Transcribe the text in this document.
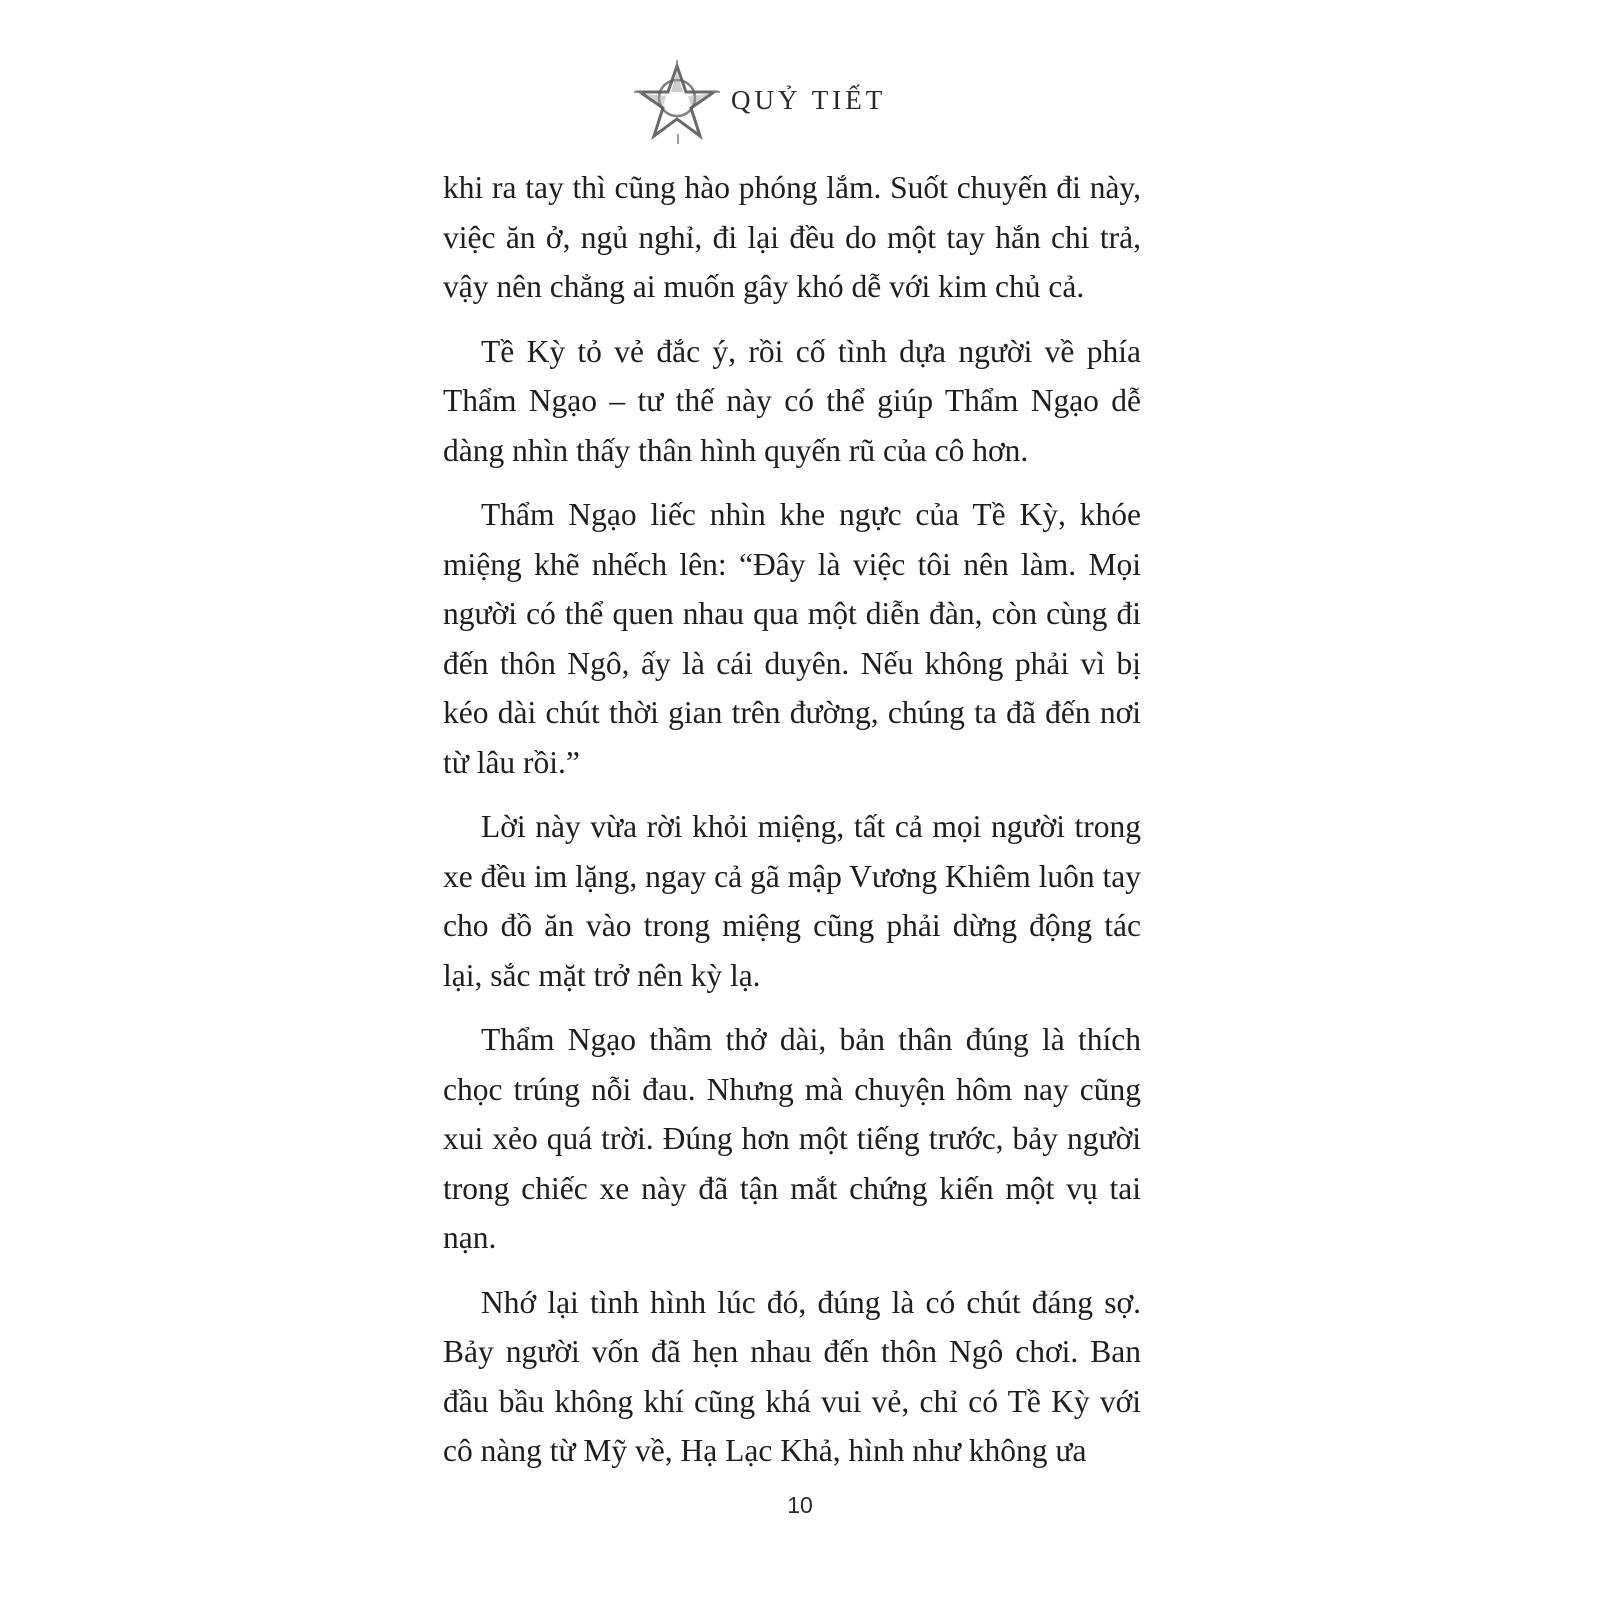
QUỶ TIẾT

khi ra tay thì cũng hào phóng lắm. Suốt chuyến đi này, việc ăn ở, ngủ nghỉ, đi lại đều do một tay hắn chi trả, vậy nên chẳng ai muốn gây khó dễ với kim chủ cả.

Tề Kỳ tỏ vẻ đắc ý, rồi cố tình dựa người về phía Thẩm Ngạo – tư thế này có thể giúp Thẩm Ngạo dễ dàng nhìn thấy thân hình quyến rũ của cô hơn.

Thẩm Ngạo liếc nhìn khe ngực của Tề Kỳ, khóe miệng khẽ nhếch lên: “Đây là việc tôi nên làm. Mọi người có thể quen nhau qua một diễn đàn, còn cùng đi đến thôn Ngô, ấy là cái duyên. Nếu không phải vì bị kéo dài chút thời gian trên đường, chúng ta đã đến nơi từ lâu rồi.”

Lời này vừa rời khỏi miệng, tất cả mọi người trong xe đều im lặng, ngay cả gã mập Vương Khiêm luôn tay cho đồ ăn vào trong miệng cũng phải dừng động tác lại, sắc mặt trở nên kỳ lạ.

Thẩm Ngạo thầm thở dài, bản thân đúng là thích chọc trúng nỗi đau. Nhưng mà chuyện hôm nay cũng xui xẻo quá trời. Đúng hơn một tiếng trước, bảy người trong chiếc xe này đã tận mắt chứng kiến một vụ tai nạn.

Nhớ lại tình hình lúc đó, đúng là có chút đáng sợ. Bảy người vốn đã hẹn nhau đến thôn Ngô chơi. Ban đầu bầu không khí cũng khá vui vẻ, chỉ có Tề Kỳ với cô nàng từ Mỹ về, Hạ Lạc Khả, hình như không ưa

10
